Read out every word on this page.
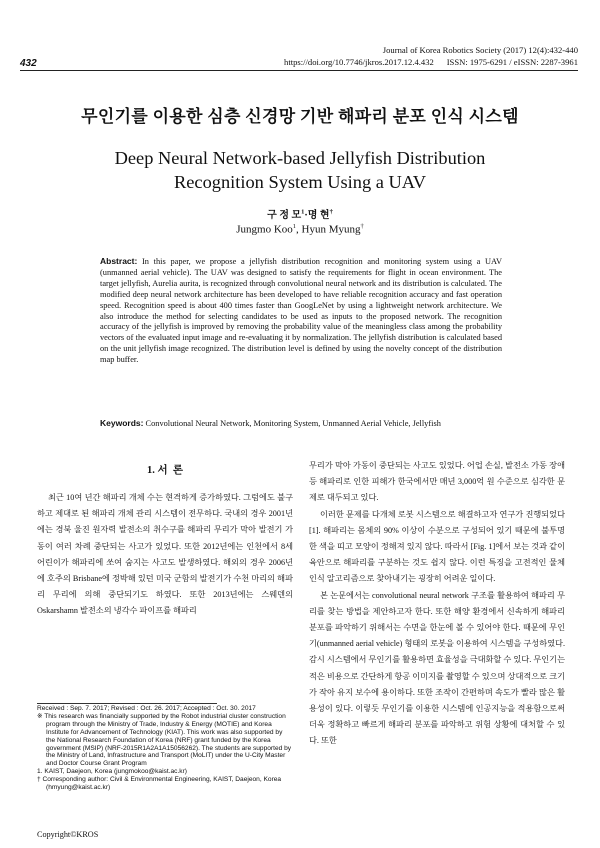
432
Journal of Korea Robotics Society (2017) 12(4):432-440
https://doi.org/10.7746/jkros.2017.12.4.432      ISSN: 1975-6291 / eISSN: 2287-3961
무인기를 이용한 심층 신경망 기반 해파리 분포 인식 시스템
Deep Neural Network-based Jellyfish Distribution
Recognition System Using a UAV
구 정 모$^1$·명 현†
Jungmo Koo$^1$, Hyun Myung†
Abstract: In this paper, we propose a jellyfish distribution recognition and monitoring system using a UAV (unmanned aerial vehicle). The UAV was designed to satisfy the requirements for flight in ocean environment. The target jellyfish, Aurelia aurita, is recognized through convolutional neural network and its distribution is calculated. The modified deep neural network architecture has been developed to have reliable recognition accuracy and fast operation speed. Recognition speed is about 400 times faster than GoogLeNet by using a lightweight network architecture. We also introduce the method for selecting candidates to be used as inputs to the proposed network. The recognition accuracy of the jellyfish is improved by removing the probability value of the meaningless class among the probability vectors of the evaluated input image and re-evaluating it by normalization. The jellyfish distribution is calculated based on the unit jellyfish image recognized. The distribution level is defined by using the novelty concept of the distribution map buffer.
Keywords: Convolutional Neural Network, Monitoring System, Unmanned Aerial Vehicle, Jellyfish
1. 서  론

최근 10여 년간 해파리 개체 수는 현격하게 증가하였다. 그럼에도 불구하고 제대로 된 해파리 개체 관리 시스템이 전무하다. 국내의 경우 2001년에는 경북 울진 원자력 발전소의 취수구를 해파리 무리가 막아 발전기 가동이 여러 차례 중단되는 사고가 있었다. 또한 2012년에는 인천에서 8세 어린이가 해파리에 쏘여 숨지는 사고도 발생하였다. 해외의 경우 2006년에 호주의 Brisbane에 정박해 있던 미국 군함의 발전기가 수천 마리의 해파리 무리에 의해 중단되기도 하였다. 또한 2013년에는 스웨덴의 Oskarshamn 발전소의 냉각수 파이프를 해파리

무리가 막아 가동이 중단되는 사고도 있었다. 어업 손실, 발전소 가동 장애 등 해파리로 인한 피해가 한국에서만 매년 3,000억 원 수준으로 심각한 문제로 대두되고 있다.

이러한 문제를 다개체 로봇 시스템으로 해결하고자 연구가 진행되었다[1]. 해파리는 몸체의 90% 이상이 수분으로 구성되어 있기 때문에 불투명한 색을 띠고 모양이 정해져 있지 않다. 따라서 [Fig. 1]에서 보는 것과 같이 육안으로 해파리를 구분하는 것도 쉽지 않다. 이런 특징을 고전적인 물체 인식 알고리즘으로 찾아내기는 굉장히 어려운 일이다.

본 논문에서는 convolutional neural network 구조를 활용하여 해파리 무리를 찾는 방법을 제안하고자 한다. 또한 해양 환경에서 신속하게 해파리 분포를 파악하기 위해서는 수면을 한눈에 볼 수 있어야 한다. 때문에 무인기(unmanned aerial vehicle) 형태의 로봇을 이용하여 시스템을 구성하였다. 감시 시스템에서 무인기를 활용하면 효율성을 극대화할 수 있다. 무인기는 적은 비용으로 간단하게 항공 이미지를 촬영할 수 있으며 상대적으로 크기가 작아 유지 보수에 용이하다. 또한 조작이 간편하며 속도가 빨라 많은 활용성이 있다. 이렇듯 무인기를 이용한 시스템에 인공지능을 적용함으로써 더욱 정확하고 빠르게 해파리 분포를 파악하고 위험 상황에 대처할 수 있다. 또한

Received : Sep. 7. 2017; Revised : Oct. 26. 2017; Accepted : Oct. 30. 2017

※ This research was financially supported by the Robot industrial cluster construction program through the Ministry of Trade, Industry & Energy (MOTIE) and Korea Institute for Advancement of Technology (KIAT). This work was also supported by the National Research Foundation of Korea (NRF) grant funded by the Korea government (MSIP) (NRF-2015R1A2A1A15056262). The students are supported by the Ministry of Land, Infrastructure and Transport (MoLIT) under the U-City Master and Doctor Course Grant Program

1. KAIST, Daejeon, Korea (jungmokoo@kaist.ac.kr)

† Corresponding author: Civil & Environmental Engineering, KAIST, Daejeon, Korea (hmyung@kaist.ac.kr)

Copyright©KROS
